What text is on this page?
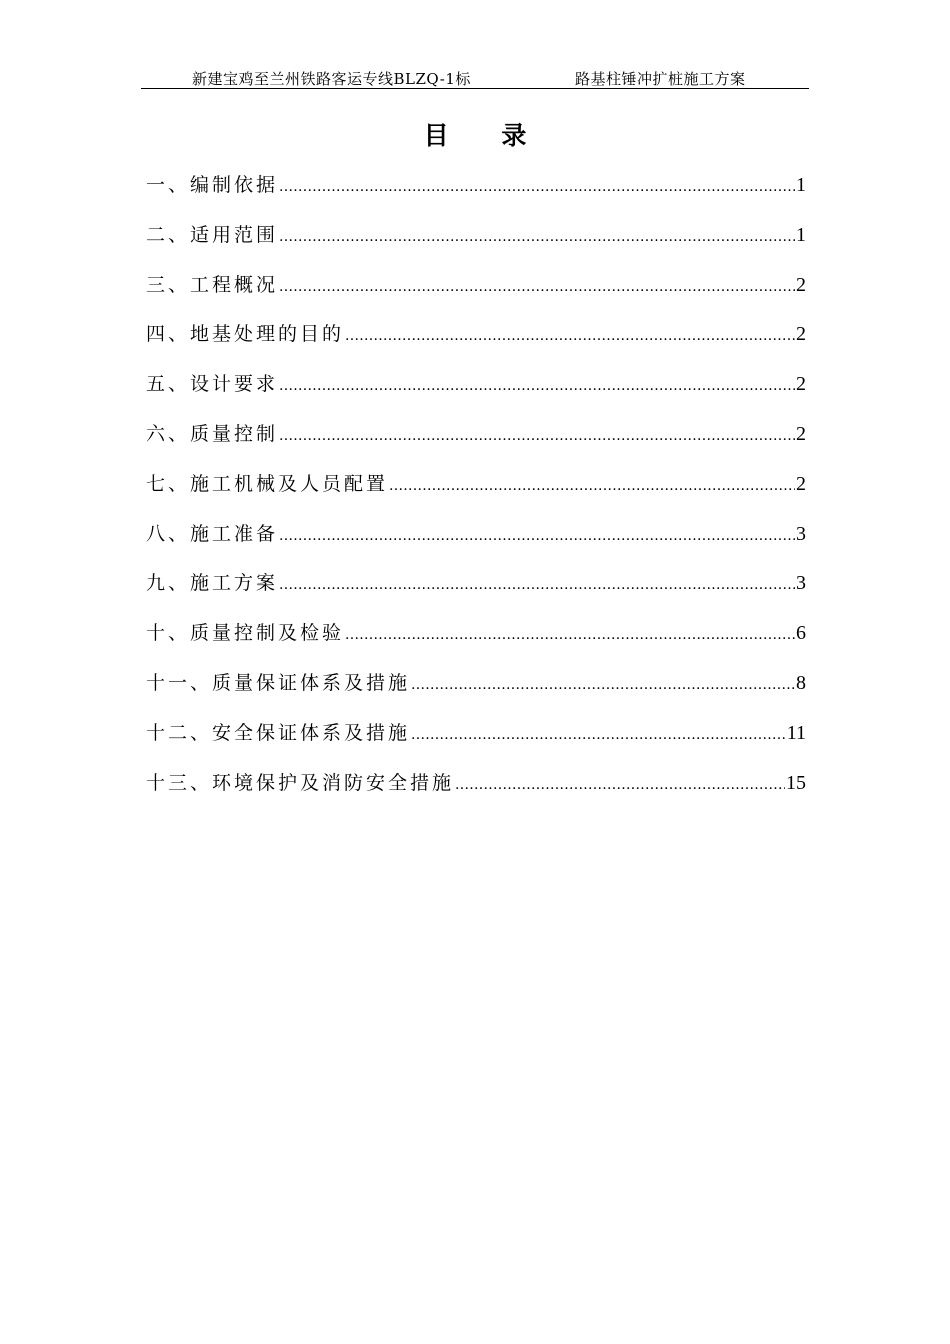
新建宝鸡至兰州铁路客运专线BLZQ-1标	路基柱锤冲扩桩施工方案
目 录
一、编制依据 .....	1
二、适用范围 .....	1
三、工程概况 .....	2
四、地基处理的目的 .....	2
五、设计要求 .....	2
六、质量控制 .....	2
七、施工机械及人员配置 .....	2
八、施工准备 .....	3
九、施工方案 .....	3
十、质量控制及检验 .....	6
十一、质量保证体系及措施 .....	8
十二、安全保证体系及措施 .....	11
十三、环境保护及消防安全措施 .....	15
